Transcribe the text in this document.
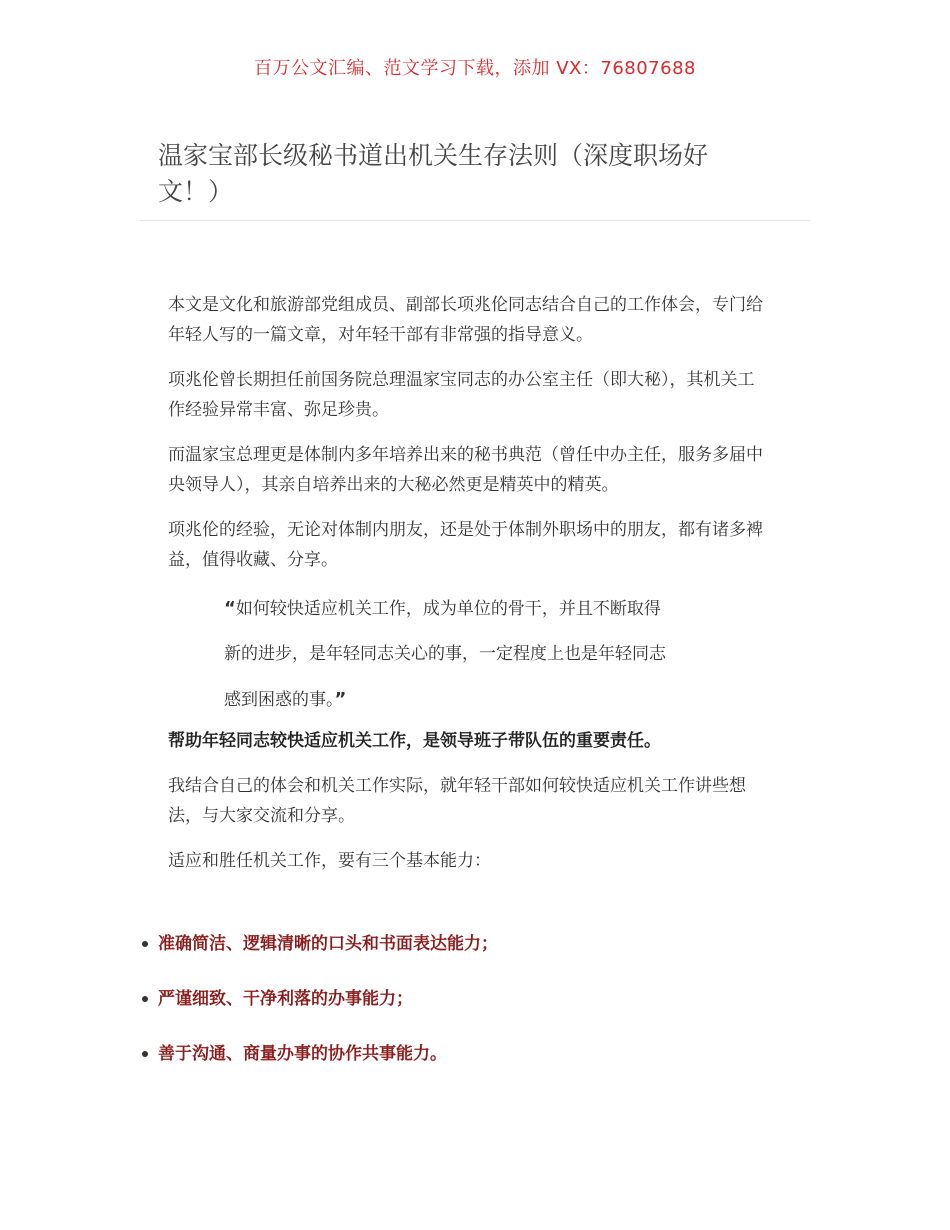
百万公文汇编、范文学习下载，添加 VX：76807688
温家宝部长级秘书道出机关生存法则（深度职场好
文！）

本文是文化和旅游部党组成员、副部长项兆伦同志结合自己的工作体会，专门给年轻人写的一篇文章，对年轻干部有非常强的指导意义。

项兆伦曾长期担任前国务院总理温家宝同志的办公室主任（即大秘），其机关工作经验异常丰富、弥足珍贵。

而温家宝总理更是体制内多年培养出来的秘书典范（曾任中办主任，服务多届中央领导人），其亲自培养出来的大秘必然更是精英中的精英。

项兆伦的经验，无论对体制内朋友，还是处于体制外职场中的朋友，都有诸多裨益，值得收藏、分享。

“如何较快适应机关工作，成为单位的骨干，并且不断取得

新的进步，是年轻同志关心的事，一定程度上也是年轻同志

感到困惑的事。”

帮助年轻同志较快适应机关工作，是领导班子带队伍的重要责任。

我结合自己的体会和机关工作实际，就年轻干部如何较快适应机关工作讲些想法，与大家交流和分享。

适应和胜任机关工作，要有三个基本能力：

准确简洁、逻辑清晰的口头和书面表达能力；
严谨细致、干净利落的办事能力；
善于沟通、商量办事的协作共事能力。
